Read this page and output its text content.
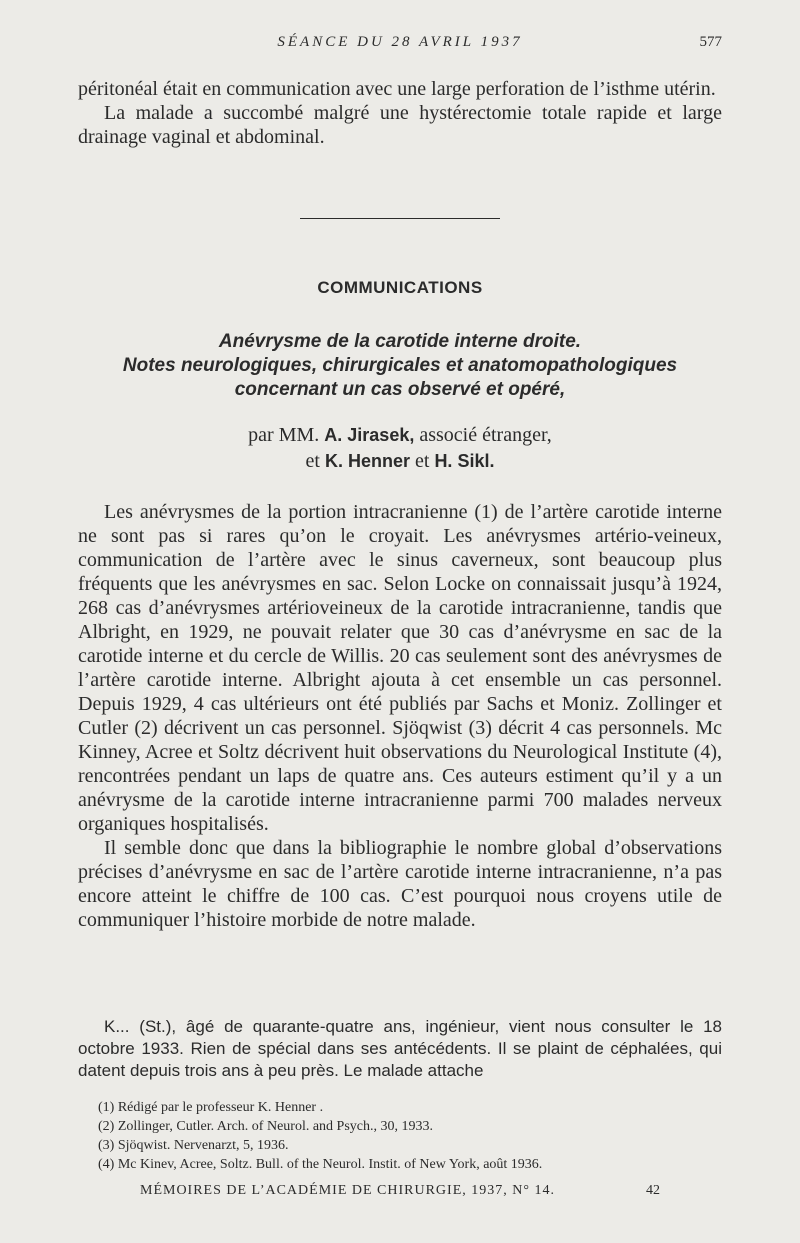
SÉANCE DU 28 AVRIL 1937	577

péritonéal était en communication avec une large perforation de l’isthme utérin.

La malade a succombé malgré une hystérectomie totale rapide et large drainage vaginal et abdominal.

COMMUNICATIONS
Anévrysme de la carotide interne droite.
Notes neurologiques, chirurgicales et anatomopathologiques
concernant un cas observé et opéré,
par MM. A. Jirasek, associé étranger,
et K. Henner et H. Sikl.

Les anévrysmes de la portion intracranienne (1) de l’artère carotide interne ne sont pas si rares qu’on le croyait. Les anévrysmes artério-veineux, communication de l’artère avec le sinus caverneux, sont beaucoup plus fréquents que les anévrysmes en sac. Selon Locke on connaissait jusqu’à 1924, 268 cas d’anévrysmes artérioveineux de la carotide intracranienne, tandis que Albright, en 1929, ne pouvait relater que 30 cas d’anévrysme en sac de la carotide interne et du cercle de Willis. 20 cas seulement sont des anévrysmes de l’artère carotide interne. Albright ajouta à cet ensemble un cas personnel. Depuis 1929, 4 cas ultérieurs ont été publiés par Sachs et Moniz. Zollinger et Cutler (2) décrivent un cas personnel. Sjöqwist (3) décrit 4 cas personnels. Mc Kinney, Acree et Soltz décrivent huit observations du Neurological Institute (4), rencontrées pendant un laps de quatre ans. Ces auteurs estiment qu’il y a un anévrysme de la carotide interne intracranienne parmi 700 malades nerveux organiques hospitalisés.

Il semble donc que dans la bibliographie le nombre global d’observations précises d’anévrysme en sac de l’artère carotide interne intracranienne, n’a pas encore atteint le chiffre de 100 cas. C’est pourquoi nous croyens utile de communiquer l’histoire morbide de notre malade.

K... (St.), âgé de quarante-quatre ans, ingénieur, vient nous consulter le 18 octobre 1933. Rien de spécial dans ses antécédents. Il se plaint de céphalées, qui datent depuis trois ans à peu près. Le malade attache

(1) Rédigé par le professeur K. Henner .
(2) Zollinger, Cutler. Arch. of Neurol. and Psych., 30, 1933.
(3) Sjöqwist. Nervenarzt, 5, 1936.
(4) Mc Kinev, Acree, Soltz. Bull. of the Neurol. Instit. of New York, août 1936.
MÉMOIRES DE L’ACADÉMIE DE CHIRURGIE, 1937, N° 14.	42
